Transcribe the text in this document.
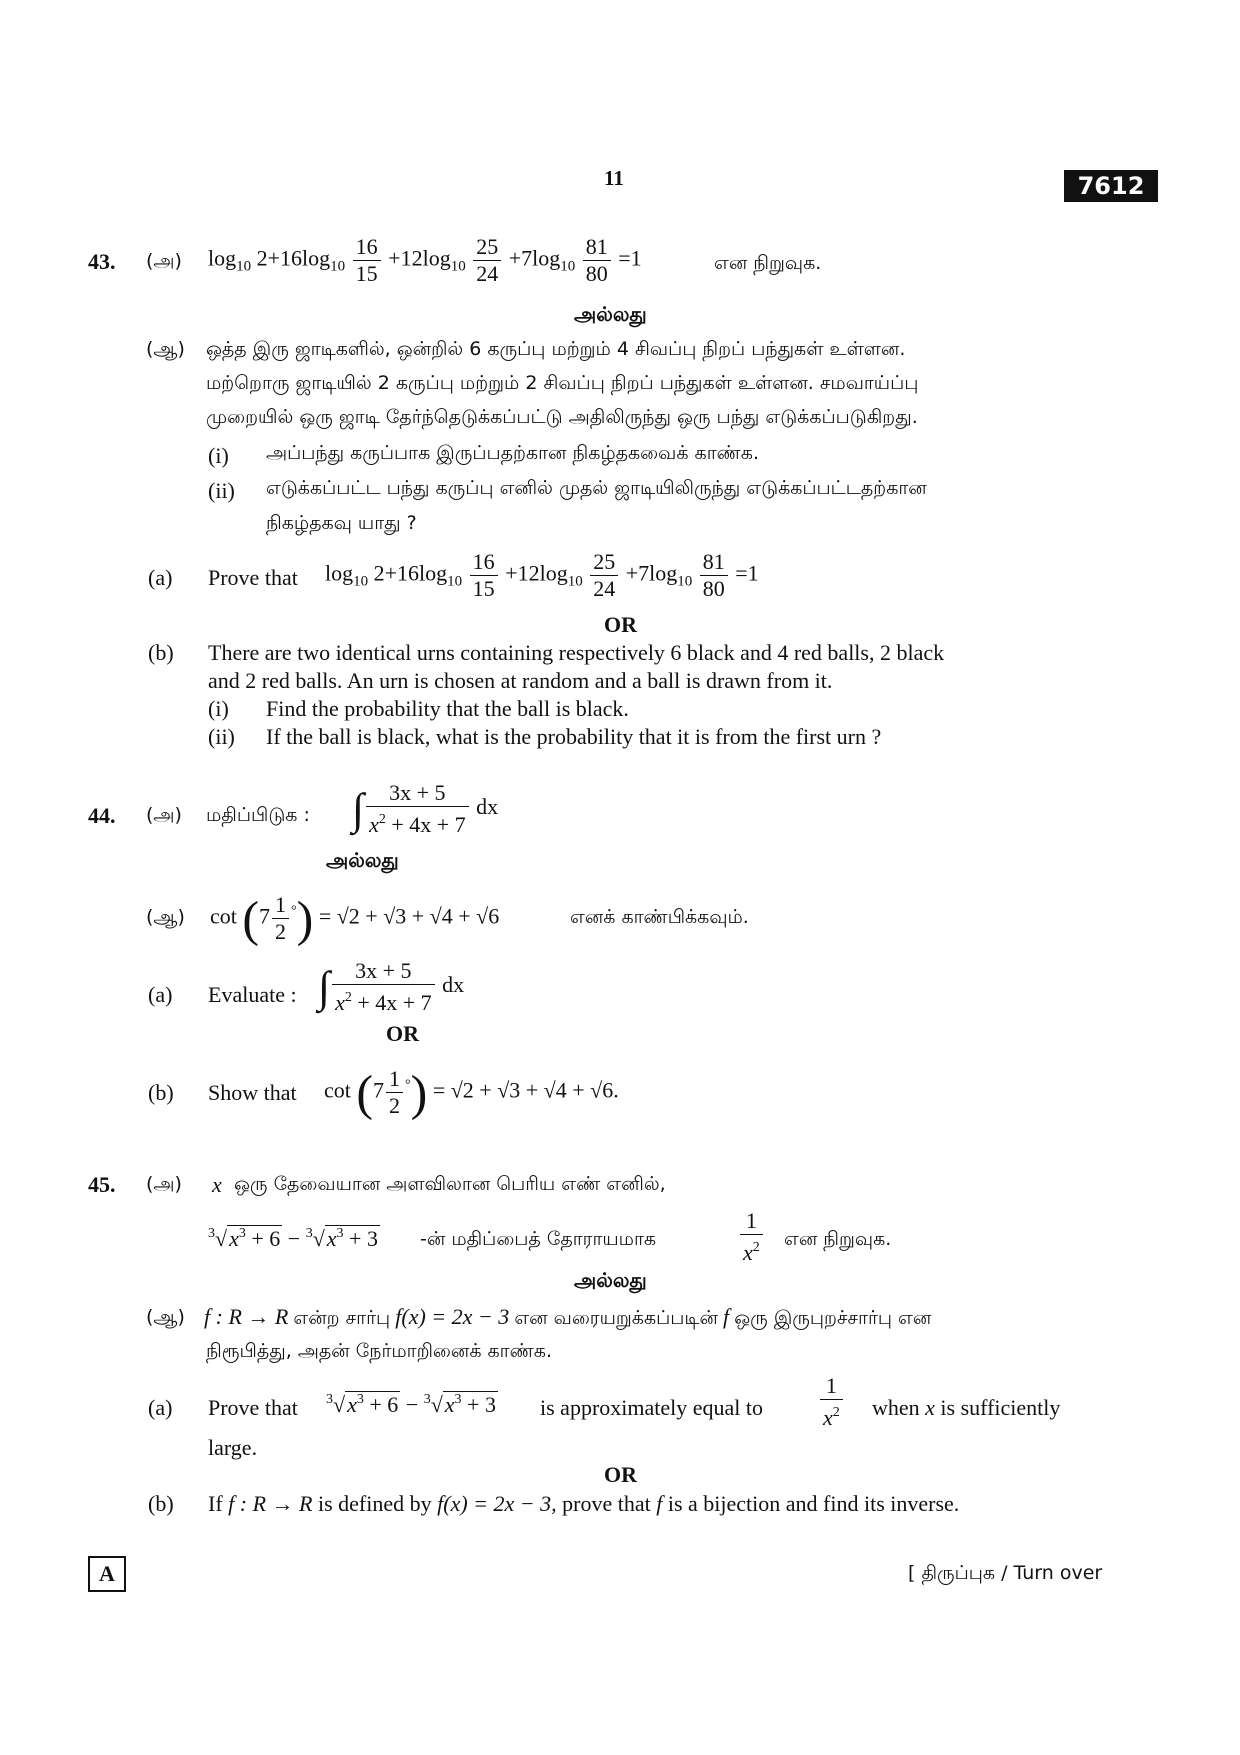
11	7612
43. (அ) $\log_{10} 2+16\log_{10} \frac{16}{15} +12\log_{10} \frac{25}{24} +7\log_{10} \frac{81}{80} =1$	என நிறுவுக.
அல்லது
(ஆ) ஒத்த இரு ஜாடிகளில், ஒன்றில் 6 கருப்பு மற்றும் 4 சிவப்பு நிறப் பந்துகள் உள்ளன.
மற்றொரு ஜாடியில் 2 கருப்பு மற்றும் 2 சிவப்பு நிறப் பந்துகள் உள்ளன. சமவாய்ப்பு
முறையில் ஒரு ஜாடி தேர்ந்தெடுக்கப்பட்டு அதிலிருந்து ஒரு பந்து எடுக்கப்படுகிறது.
(i) அப்பந்து கருப்பாக இருப்பதற்கான நிகழ்தகவைக் காண்க.
(ii) எடுக்கப்பட்ட பந்து கருப்பு எனில் முதல் ஜாடியிலிருந்து எடுக்கப்பட்டதற்கான
நிகழ்தகவு யாது ?
(a) Prove that $\log_{10} 2+16\log_{10} \frac{16}{15} +12\log_{10} \frac{25}{24} +7\log_{10} \frac{81}{80} =1$
OR
(b) There are two identical urns containing respectively 6 black and 4 red balls, 2 black
and 2 red balls. An urn is chosen at random and a ball is drawn from it.
(i) Find the probability that the ball is black.
(ii) If the ball is black, what is the probability that it is from the first urn ?
44. (அ) மதிப்பிடுக : ∫ $\frac{3x + 5}{x^2 + 4x + 7}$ dx
அல்லது
(ஆ) $\cot (7 \frac{1}{2} ^\circ) = √2 + √3 + √4 + √6$	எனக் காண்பிக்கவும்.
(a) Evaluate : ∫ $\frac{3x + 5}{x^2 + 4x + 7}$ dx
OR
(b) Show that $\cot (7 \frac{1}{2} ^\circ) = √2 + √3 + √4 + √6$.
45. (அ) x ஒரு தேவையான அளவிலான பெரிய எண் எனில்,
$^3√x^3 + 6 - ^3√x^3 + 3$ -ன் மதிப்பைத் தோராயமாக	$\frac{1}{x^2}$ என நிறுவுக.
அல்லது
(ஆ) f : R → R என்ற சார்பு f(x) = 2x − 3 என வரையறுக்கப்படின் f ஒரு இருபுறச்சார்பு என
நிரூபித்து, அதன் நேர்மாறினைக் காண்க.
(a) Prove that $^3√x^3 + 6 - ^3√x^3 + 3$ is approximately equal to	$\frac{1}{x^2}$ when x is sufficiently
large.
OR
(b) If f : R → R is defined by f(x) = 2x − 3, prove that f is a bijection and find its inverse.
A	[ திருப்புக / Turn over
